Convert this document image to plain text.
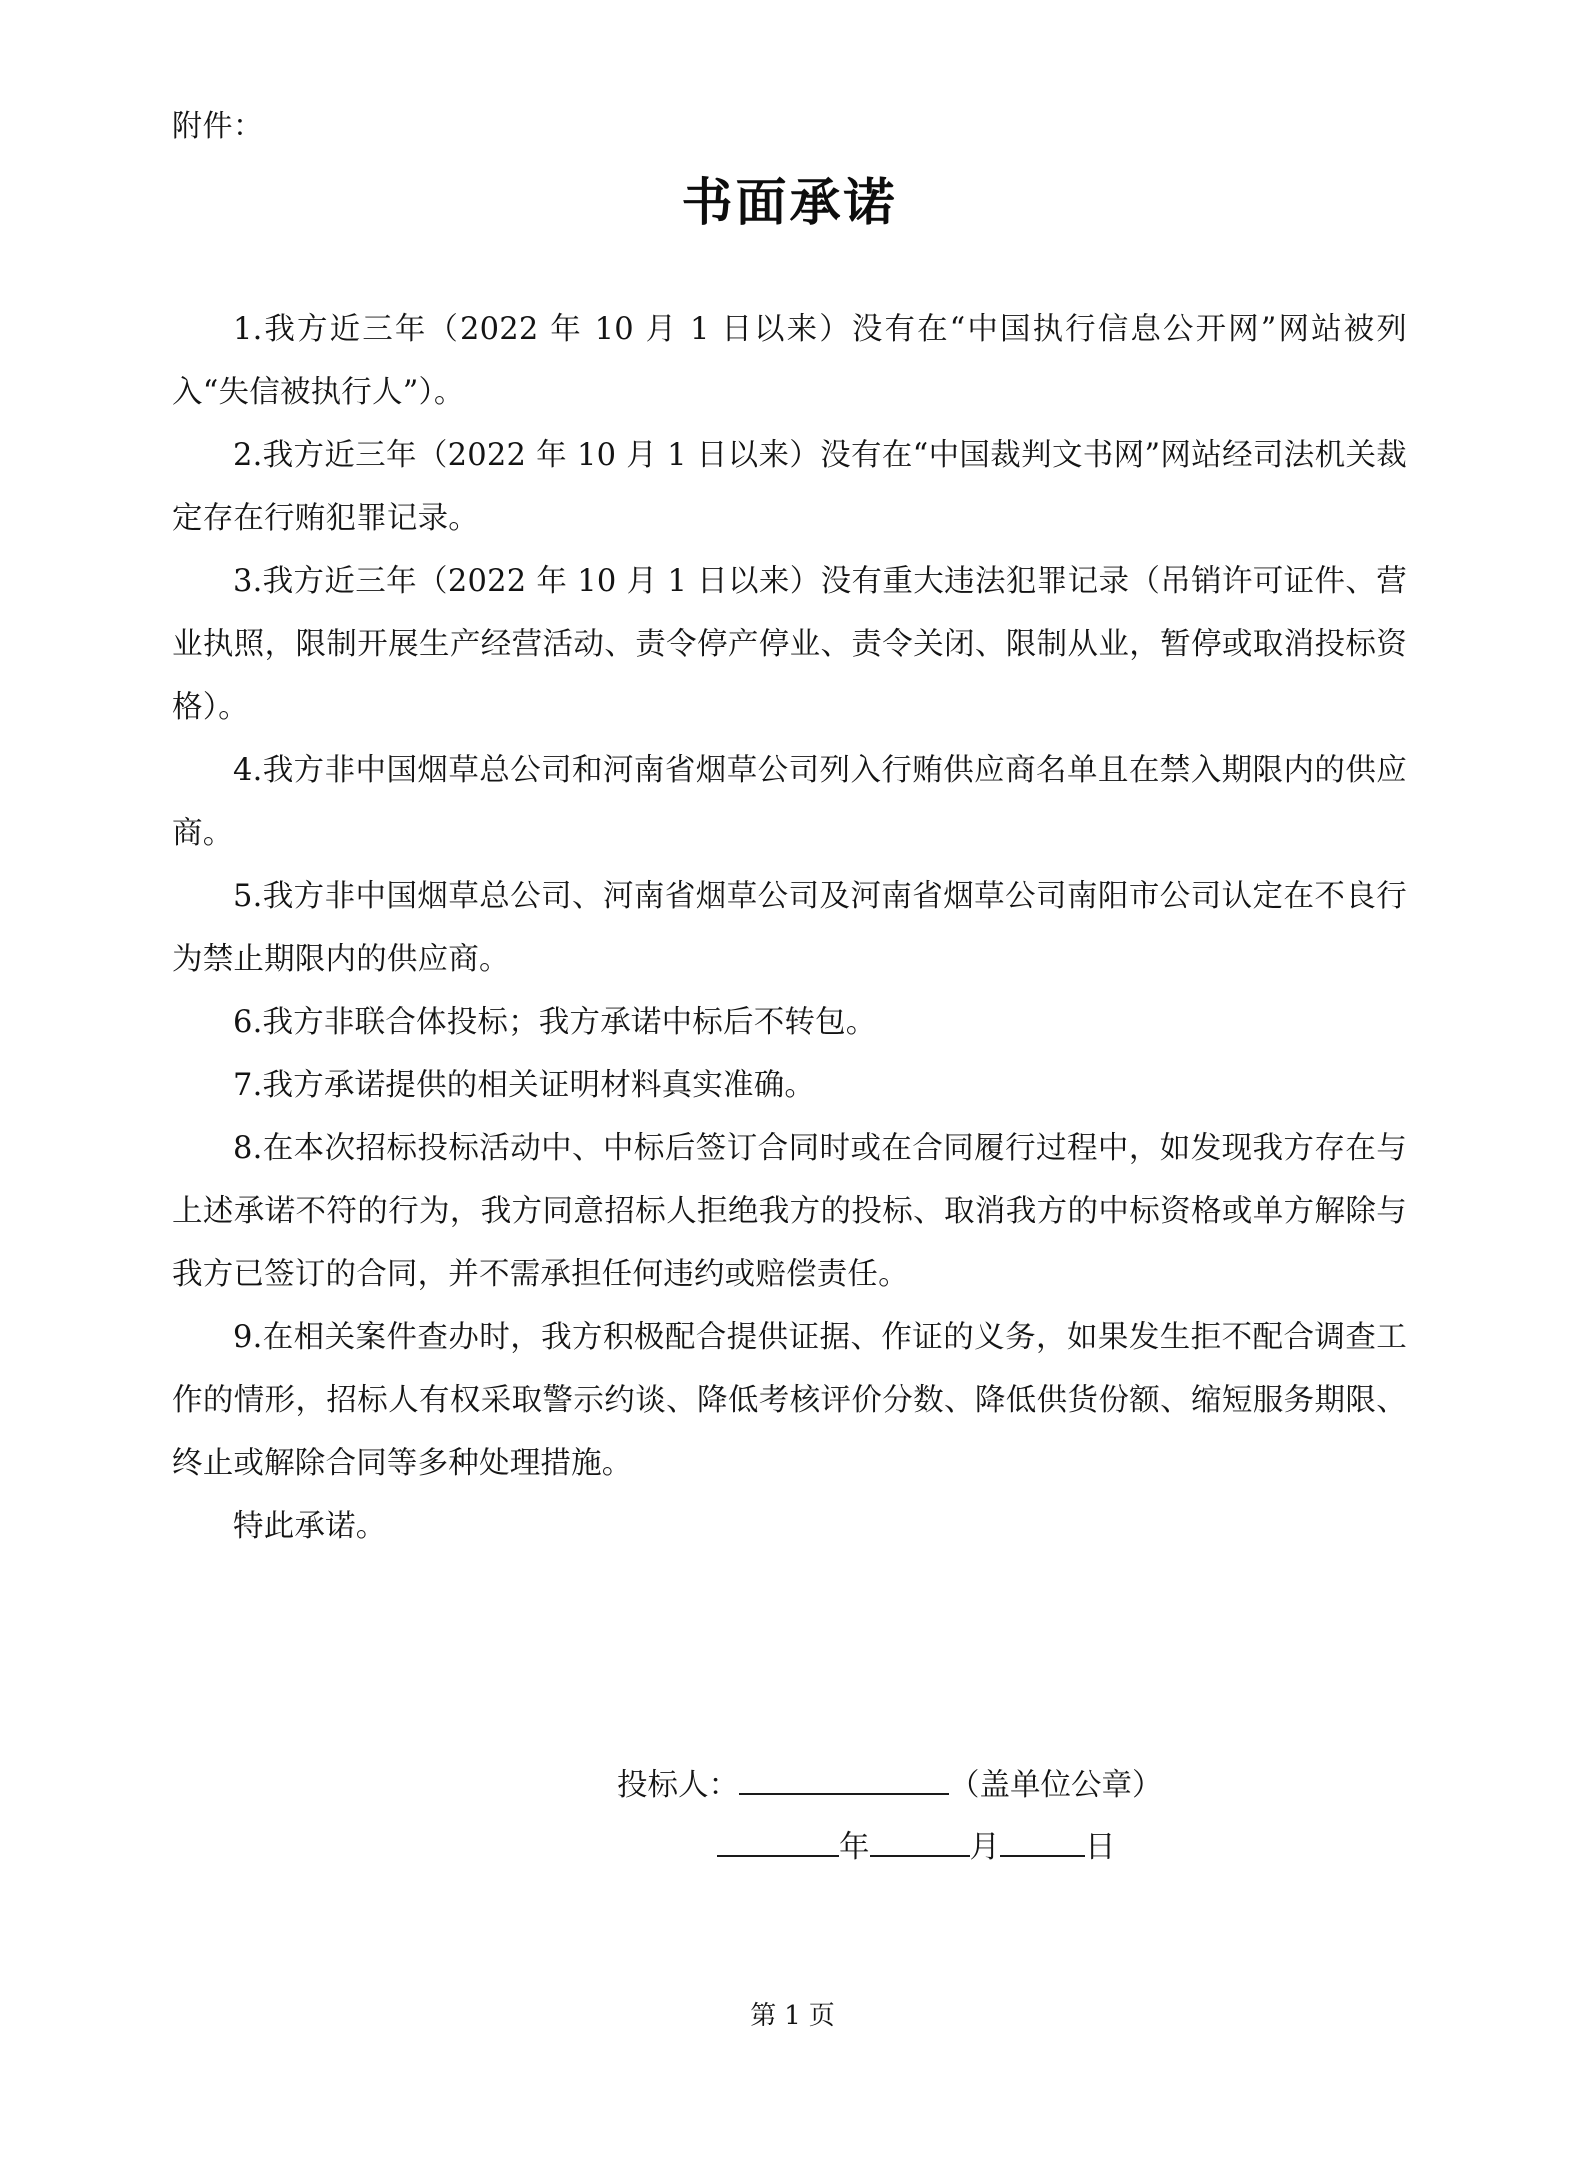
附件：
书面承诺

1.我方近三年（2022 年 10 月 1 日以来）没有在“中国执行信息公开网”网站被列入“失信被执行人”）。

2.我方近三年（2022 年 10 月 1 日以来）没有在“中国裁判文书网”网站经司法机关裁定存在行贿犯罪记录。

3.我方近三年（2022 年 10 月 1 日以来）没有重大违法犯罪记录（吊销许可证件、营业执照，限制开展生产经营活动、责令停产停业、责令关闭、限制从业，暂停或取消投标资格）。

4.我方非中国烟草总公司和河南省烟草公司列入行贿供应商名单且在禁入期限内的供应商。

5.我方非中国烟草总公司、河南省烟草公司及河南省烟草公司南阳市公司认定在不良行为禁止期限内的供应商。

6.我方非联合体投标；我方承诺中标后不转包。

7.我方承诺提供的相关证明材料真实准确。

8.在本次招标投标活动中、中标后签订合同时或在合同履行过程中，如发现我方存在与上述承诺不符的行为，我方同意招标人拒绝我方的投标、取消我方的中标资格或单方解除与我方已签订的合同，并不需承担任何违约或赔偿责任。

9.在相关案件查办时，我方积极配合提供证据、作证的义务，如果发生拒不配合调查工作的情形，招标人有权采取警示约谈、降低考核评价分数、降低供货份额、缩短服务期限、终止或解除合同等多种处理措施。

特此承诺。

投标人：	（盖单位公章）
年	月	日
第 1 页
